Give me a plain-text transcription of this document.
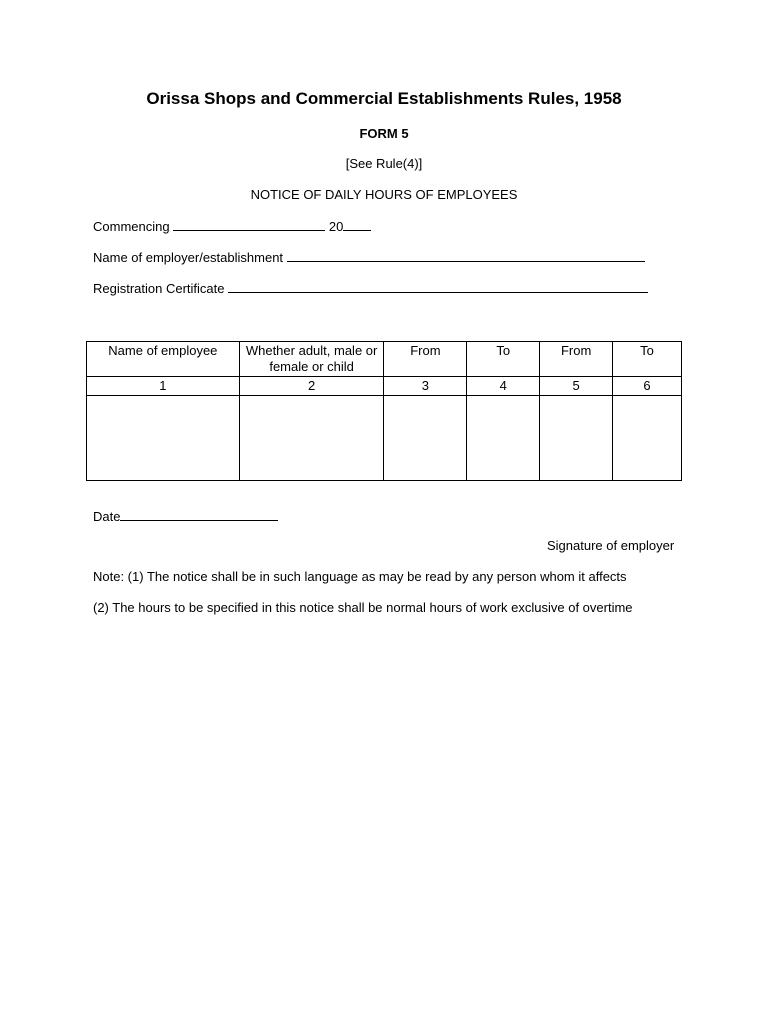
Orissa Shops and Commercial Establishments Rules, 1958
FORM 5
[See Rule(4)]
NOTICE OF DAILY HOURS OF EMPLOYEES
Commencing	20
Name of employer/establishment
Registration Certificate
Name of employee	Whether adult, male or female or child	From	To	From	To
1	2	3	4	5	6

Date
Signature of employer
Note: (1) The notice shall be in such language as may be read by any person whom it affects
(2) The hours to be specified in this notice shall be normal hours of work exclusive of overtime
